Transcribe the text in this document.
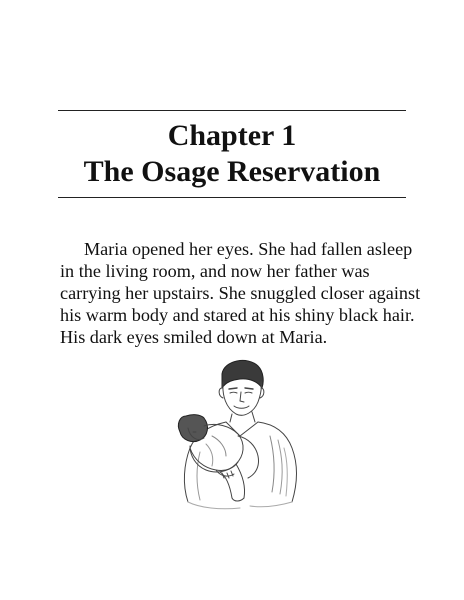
Chapter 1
The Osage Reservation

Maria opened her eyes. She had fallen asleep
in the living room, and now her father was
carrying her upstairs. She snuggled closer against
his warm body and stared at his shiny black hair.
His dark eyes smiled down at Maria.
